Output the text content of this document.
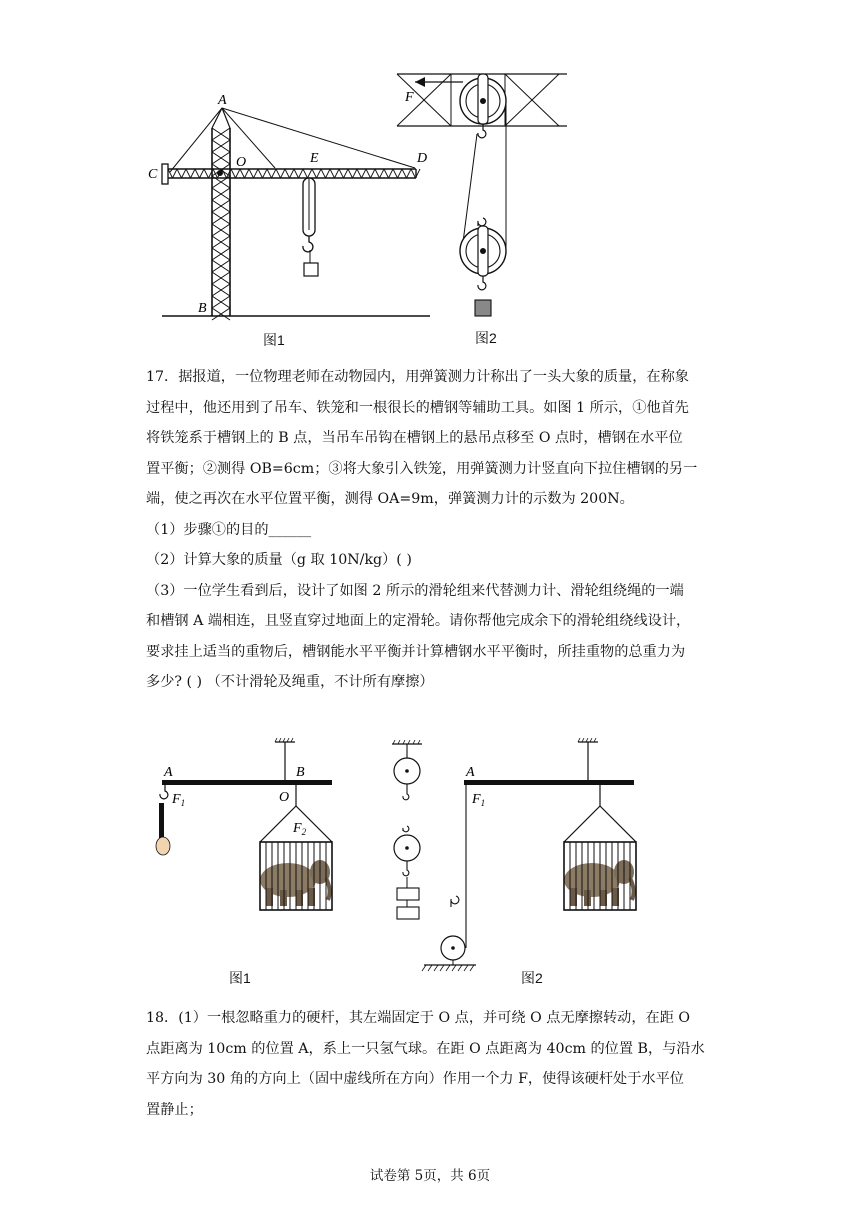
A
C
O	E	D
B
图1
F
图2
17．据报道，一位物理老师在动物园内，用弹簧测力计称出了一头大象的质量，在称象
过程中，他还用到了吊车、铁笼和一根很长的槽钢等辅助工具。如图 1 所示，①他首先
将铁笼系于槽钢上的 B 点，当吊车吊钩在槽钢上的悬吊点移至 O 点时，槽钢在水平位
置平衡；②测得 OB=6cm；③将大象引入铁笼，用弹簧测力计竖直向下拉住槽钢的另一
端，使之再次在水平位置平衡，测得 OA=9m，弹簧测力计的示数为 200N。
（1）步骤①的目的______
（2）计算大象的质量（g 取 10N/kg）( )
（3）一位学生看到后，设计了如图 2 所示的滑轮组来代替测力计、滑轮组绕绳的一端
和槽钢 A 端相连，且竖直穿过地面上的定滑轮。请你帮他完成余下的滑轮组绕线设计，
要求挂上适当的重物后，槽钢能水平平衡并计算槽钢水平平衡时，所挂重物的总重力为
多少? ( ) （不计滑轮及绳重，不计所有摩擦）
A	B
O
$F_1$
$F_2$
图1
A
$F_1$
图2
18．(1）一根忽略重力的硬杆，其左端固定于 O 点，并可绕 O 点无摩擦转动，在距 O
点距离为 10cm 的位置 A，系上一只氢气球。在距 O 点距离为 40cm 的位置 B，与沿水
平方向为 30 角的方向上（固中虚线所在方向）作用一个力 F，使得该硬杆处于水平位
置静止；
试卷第 5页，共 6页
